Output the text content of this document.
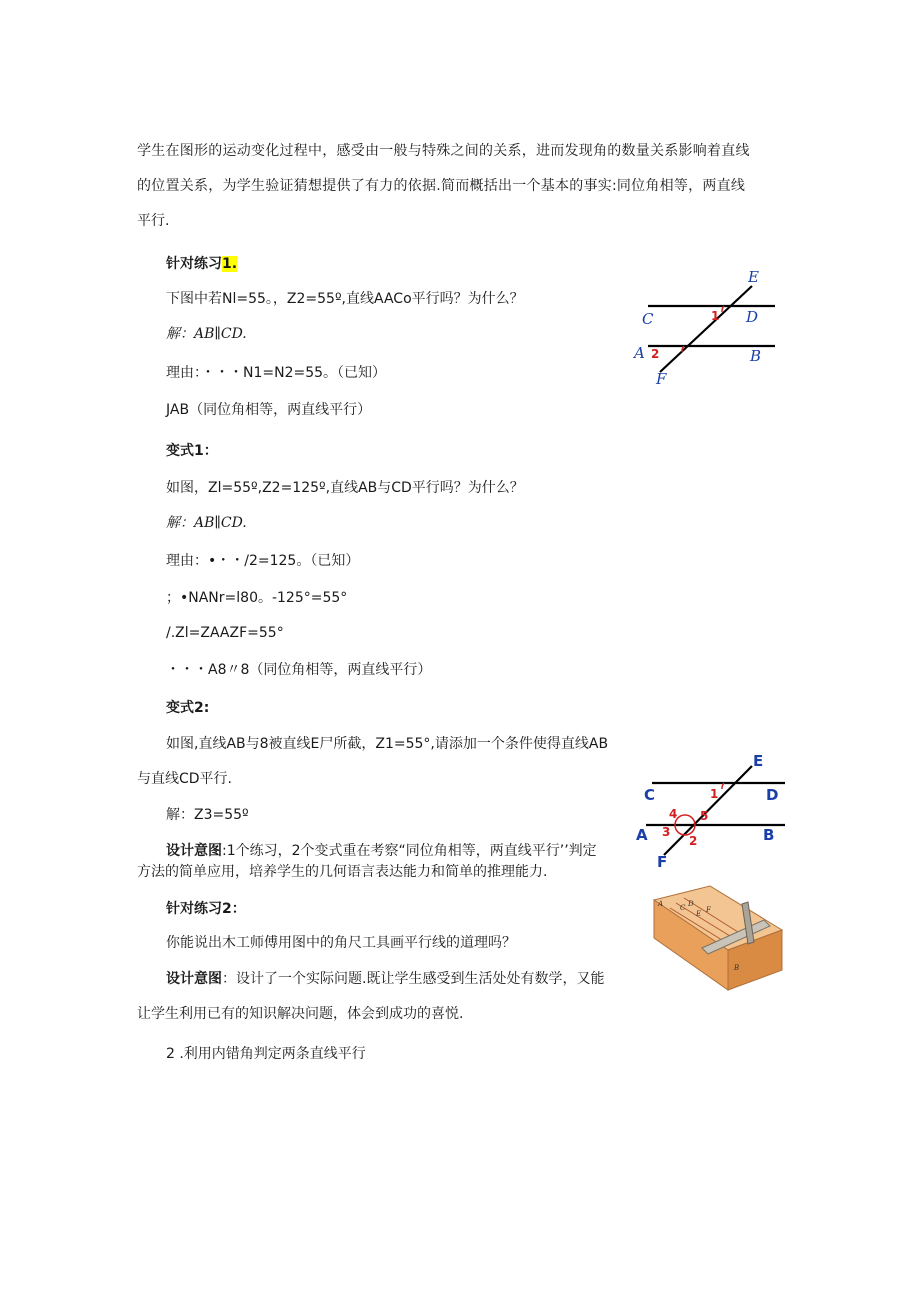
学生在图形的运动变化过程中，感受由一般与特殊之间的关系，进而发现角的数量关系影响着直线
的位置关系，为学生验证猜想提供了有力的依据.简而概括出一个基本的事实:同位角相等，两直线
平行.
针对练习1.
下图中若Nl=55。，Z2=55º,直线AACo平行吗？为什么？
解：AB∥CD.
理由：・・・N1=N2=55。（已知）
JAB（同位角相等，两直线平行）
变式1：
如图，Zl=55º,Z2=125º,直线AB与CD平行吗？为什么？
解：AB∥CD.
理由：•・・/2=125。（已知）
；•NANr=l80。-125°=55°
/.Zl=ZAAZF=55°
・・・A8〃8（同位角相等，两直线平行）
变式2:
如图,直线AB与8被直线E尸所截，Z1=55°,请添加一个条件使得直线AB
与直线CD平行.
解：Z3=55º
设计意图:1个练习，2个变式重在考察“同位角相等，两直线平行’’判定
方法的简单应用，培养学生的几何语言表达能力和简单的推理能力.
针对练习2：
你能说出木工师傅用图中的角尺工具画平行线的道理吗？
设计意图：设计了一个实际问题.既让学生感受到生活处处有数学，又能
让学生利用已有的知识解决问题，体会到成功的喜悦.
2 .利用内错角判定两条直线平行
E
C	D
A	B
F
1
2
E
C	D
A	B
F
1
2
3
4 5
A C D
E F
B
